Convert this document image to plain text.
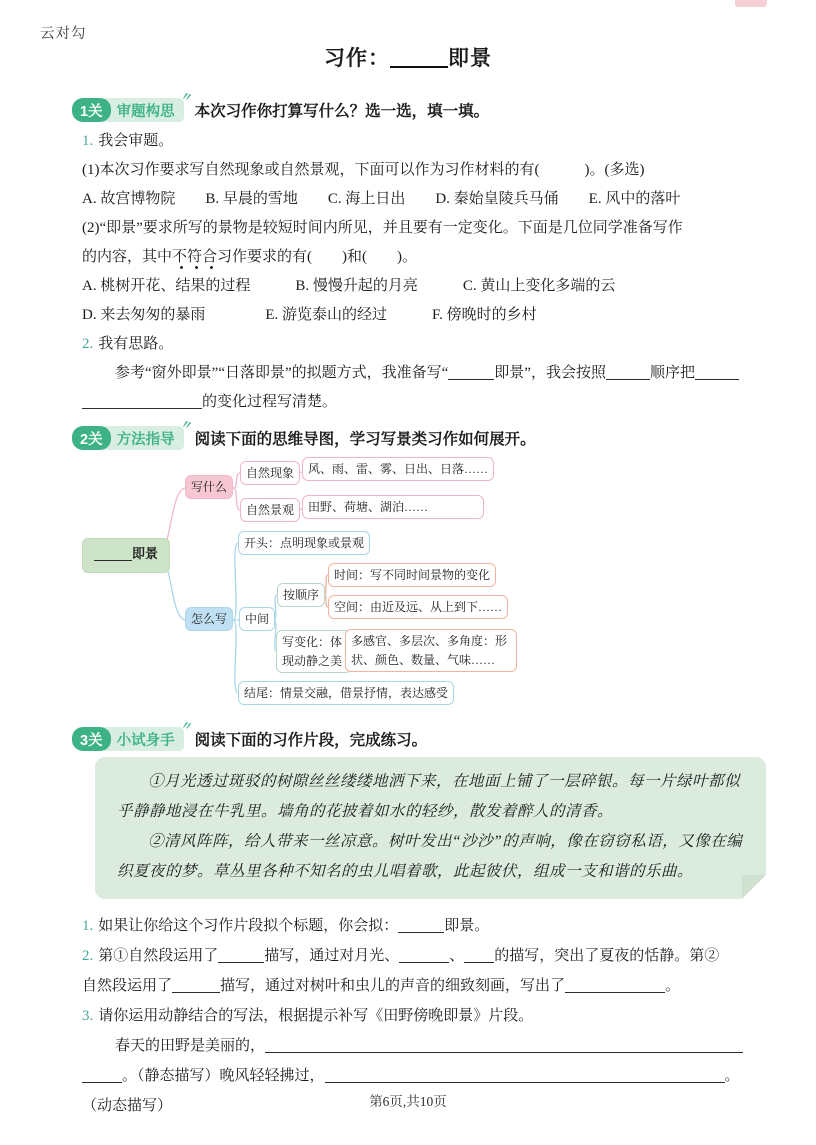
云对勾
习作：	即景
1关 审题构思
〃
本次习作你打算写什么？选一选，填一填。
1. 我会审题。
(1)本次习作要求写自然现象或自然景观，下面可以作为习作材料的有(　　　)。(多选)
A. 故宫博物院　　B. 早晨的雪地　　C. 海上日出　　D. 秦始皇陵兵马俑　　E. 风中的落叶
(2)“即景”要求所写的景物是较短时间内所见，并且要有一定变化。下面是几位同学准备写作
的内容，其中不符合习作要求的有(　　)和(　　)。
A. 桃树开花、结果的过程　　　B. 慢慢升起的月亮　　　C. 黄山上变化多端的云
D. 来去匆匆的暴雨　　　　E. 游览泰山的经过　　　F. 傍晚时的乡村
2. 我有思路。
参考“窗外即景”“日落即景”的拟题方式，我准备写“	即景”，我会按照	顺序把
的变化过程写清楚。
2关 方法指导
〃
阅读下面的思维导图，学习写景类习作如何展开。
即景
写什么
自然现象	风、雨、雷、雾、日出、日落……
自然景观	田野、荷塘、湖泊……
怎么写
开头：点明现象或景观
中间
按顺序
时间：写不同时间景物的变化
空间：由近及远、从上到下……
写变化：体现动静之美
多感官、多层次、多角度：形状、颜色、数量、气味……
结尾：情景交融，借景抒情，表达感受
3关 小试身手
〃
阅读下面的习作片段，完成练习。

①月光透过斑驳的树隙丝丝缕缕地洒下来，在地面上铺了一层碎银。每一片绿叶都似乎静静地浸在牛乳里。墙角的花披着如水的轻纱，散发着醉人的清香。

②清风阵阵，给人带来一丝凉意。树叶发出“沙沙”的声响，像在窃窃私语，又像在编织夏夜的梦。草丛里各种不知名的虫儿唱着歌，此起彼伏，组成一支和谐的乐曲。

1. 如果让你给这个习作片段拟个标题，你会拟：	即景。
2. 第①自然段运用了	描写，通过对月光、	、 的描写，突出了夏夜的恬静。第②
自然段运用了	描写，通过对树叶和虫儿的声音的细致刻画，写出了	。
3. 请你运用动静结合的写法，根据提示补写《田野傍晚即景》片段。
春天的田野是美丽的，
。（静态描写）晚风轻轻拂过，	。
（动态描写）	第6页,共10页
